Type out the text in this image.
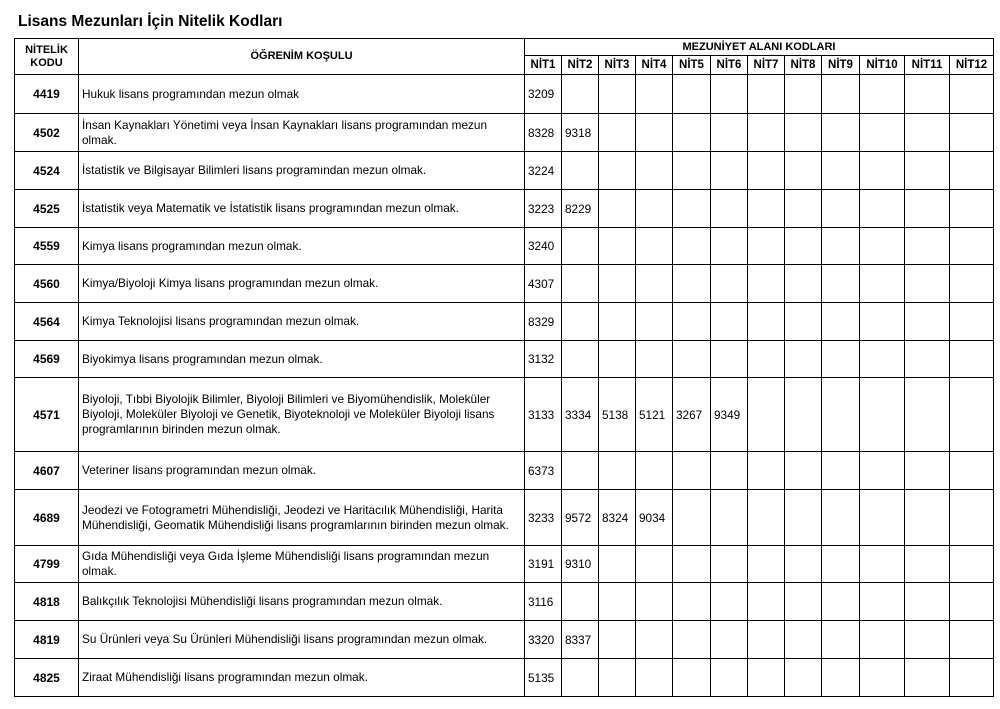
Lisans Mezunları İçin Nitelik Kodları
NİTELİK KODU	ÖĞRENİM KOŞULU	MEZUNİYET ALANI KODLARI											
		NİT1	NİT2	NİT3	NİT4	NİT5	NİT6	NİT7	NİT8	NİT9	NİT10	NİT11	NİT12
4419	Hukuk lisans programından mezun olmak	3209											
4502	İnsan Kaynakları Yönetimi veya İnsan Kaynakları lisans programından mezun olmak.	8328	9318										
4524	İstatistik ve Bilgisayar Bilimleri lisans programından mezun olmak.	3224											
4525	İstatistik veya Matematik ve İstatistik lisans programından mezun olmak.	3223	8229										
4559	Kimya lisans programından mezun olmak.	3240											
4560	Kimya/Biyoloji Kimya lisans programından mezun olmak.	4307											
4564	Kimya Teknolojisi lisans programından mezun olmak.	8329											
4569	Biyokimya lisans programından mezun olmak.	3132											
4571	Biyoloji, Tıbbi Biyolojik Bilimler, Biyoloji Bilimleri ve Biyomühendislik, Moleküler Biyoloji, Moleküler Biyoloji ve Genetik, Biyoteknoloji ve Moleküler Biyoloji lisans programlarının birinden mezun olmak.	3133	3334	5138	5121	3267	9349						
4607	Veteriner lisans programından mezun olmak.	6373											
4689	Jeodezi ve Fotogrametri Mühendisliği, Jeodezi ve Haritacılık Mühendisliği, Harita Mühendisliği, Geomatik Mühendisliği lisans programlarının birinden mezun olmak.	3233	9572	8324	9034								
4799	Gıda Mühendisliği veya Gıda İşleme Mühendisliği lisans programından mezun olmak.	3191	9310										
4818	Balıkçılık Teknolojisi Mühendisliği lisans programından mezun olmak.	3116											
4819	Su Ürünleri veya Su Ürünleri Mühendisliği lisans programından mezun olmak.	3320	8337										
4825	Ziraat Mühendisliği lisans programından mezun olmak.	5135											
